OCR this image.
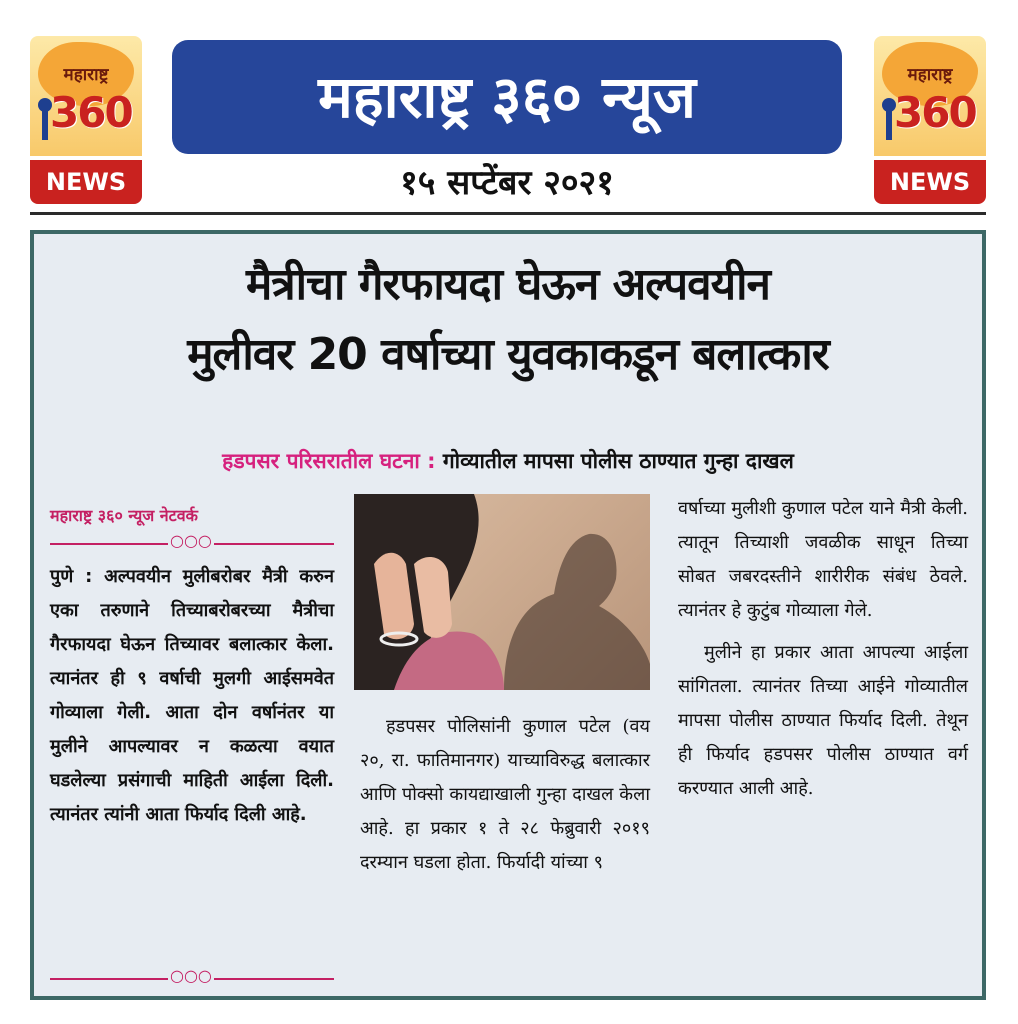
महाराष्ट्र
360
NEWS
महाराष्ट्र
360
NEWS
महाराष्ट्र ३६० न्यूज
१५ सप्टेंबर २०२१
मैत्रीचा गैरफायदा घेऊन अल्पवयीन
मुलीवर 20 वर्षाच्या युवकाकडून बलात्कार
हडपसर परिसरातील घटना : गोव्यातील मापसा पोलीस ठाण्यात गुन्हा दाखल
महाराष्ट्र ३६० न्यूज नेटवर्क
○○○
पुणे : अल्पवयीन मुलीबरोबर मैत्री करुन एका तरुणाने तिच्याबरोबरच्या मैत्रीचा गैरफायदा घेऊन तिच्यावर बलात्कार केला. त्यानंतर ही ९ वर्षाची मुलगी आईसमवेत गोव्याला गेली. आता दोन वर्षानंतर या मुलीने आपल्यावर न कळत्या वयात घडलेल्या प्रसंगाची माहिती आईला दिली. त्यानंतर त्यांनी आता फिर्याद दिली आहे.
○○○
हडपसर पोलिसांनी कुणाल पटेल (वय २०, रा. फातिमानगर) याच्याविरुद्ध बलात्कार आणि पोक्सो कायद्याखाली गुन्हा दाखल केला आहे. हा प्रकार १ ते २८ फेब्रुवारी २०१९ दरम्यान घडला होता. फिर्यादी यांच्या ९

वर्षाच्या मुलीशी कुणाल पटेल याने मैत्री केली. त्यातून तिच्याशी जवळीक साधून तिच्या सोबत जबरदस्तीने शारीरीक संबंध ठेवले. त्यानंतर हे कुटुंब गोव्याला गेले.

मुलीने हा प्रकार आता आपल्या आईला सांगितला. त्यानंतर तिच्या आईने गोव्यातील मापसा पोलीस ठाण्यात फिर्याद दिली. तेथून ही फिर्याद हडपसर पोलीस ठाण्यात वर्ग करण्यात आली आहे.
